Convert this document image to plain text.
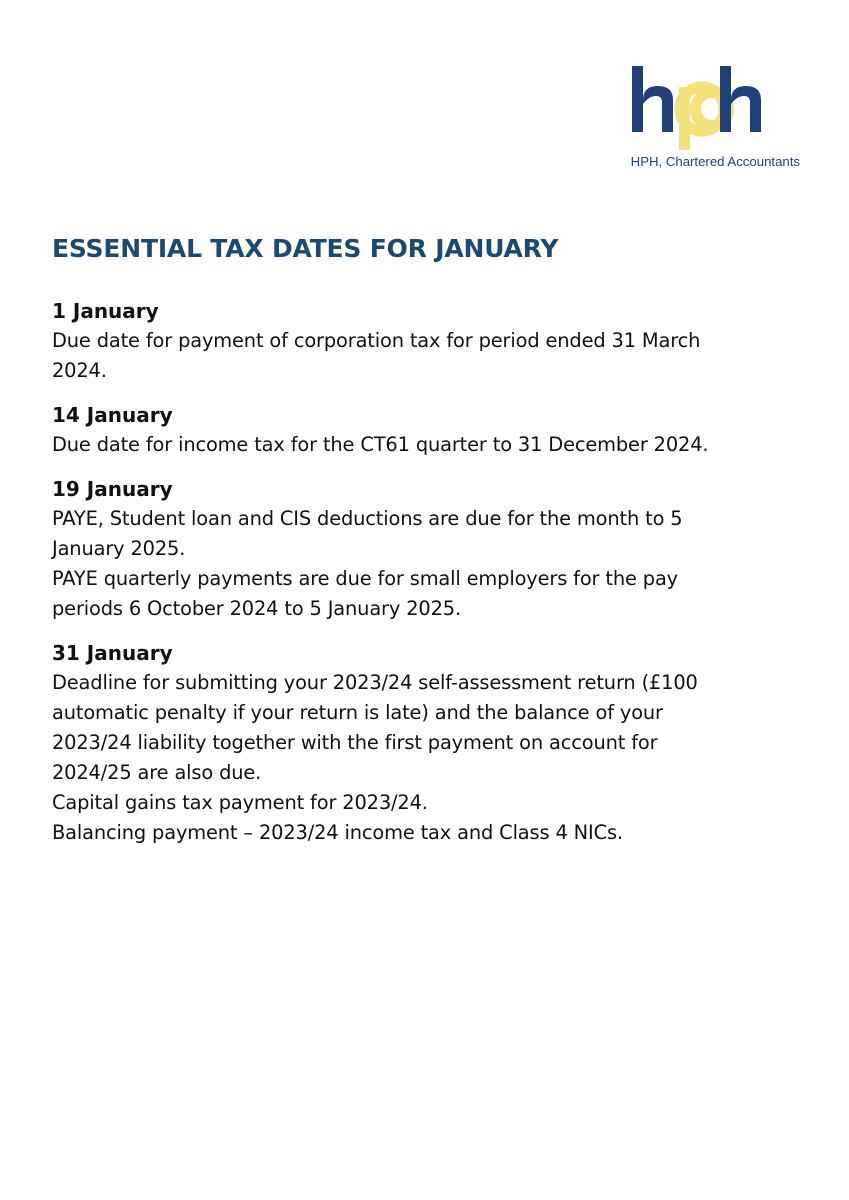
HPH, Chartered Accountants
ESSENTIAL TAX DATES FOR JANUARY

1 January

Due date for payment of corporation tax for period ended 31 March

2024.

14 January

Due date for income tax for the CT61 quarter to 31 December 2024.

19 January

PAYE, Student loan and CIS deductions are due for the month to 5

January 2025.

PAYE quarterly payments are due for small employers for the pay

periods 6 October 2024 to 5 January 2025.

31 January

Deadline for submitting your 2023/24 self-assessment return (£100

automatic penalty if your return is late) and the balance of your

2023/24 liability together with the first payment on account for

2024/25 are also due.

Capital gains tax payment for 2023/24.

Balancing payment – 2023/24 income tax and Class 4 NICs.
